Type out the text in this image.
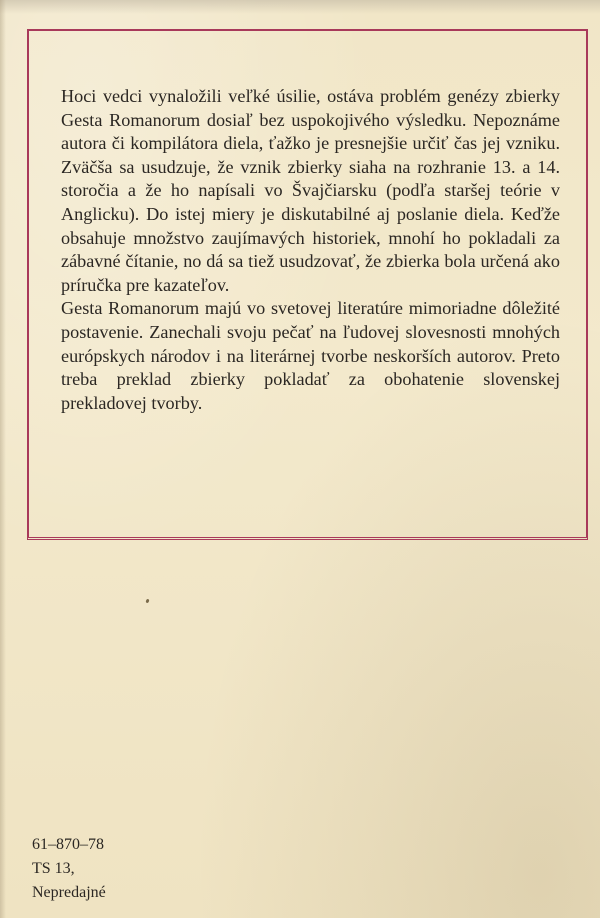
Hoci vedci vynaložili veľké úsilie, ostáva problém genézy zbierky Gesta Romanorum dosiaľ bez uspokojivého výsledku. Nepoznáme autora či kompilátora diela, ťažko je presnejšie určiť čas jej vzniku. Zväčša sa usudzuje, že vznik zbierky siaha na rozhranie 13. a 14. storočia a že ho napísali vo Švajčiarsku (podľa staršej teórie v Anglicku). Do istej miery je diskutabilné aj poslanie diela. Keďže obsahuje množstvo zaujímavých historiek, mnohí ho pokladali za zábavné čítanie, no dá sa tiež usudzovať, že zbierka bola určená ako príručka pre kazateľov.

Gesta Romanorum majú vo svetovej literatúre mimoriadne dôležité postavenie. Zanechali svoju pečať na ľudovej slovesnosti mnohých európskych národov i na literárnej tvorbe neskorších autorov. Preto treba preklad zbierky pokladať za obohatenie slovenskej prekladovej tvorby.

61–870–78
TS 13,
Nepredajné
